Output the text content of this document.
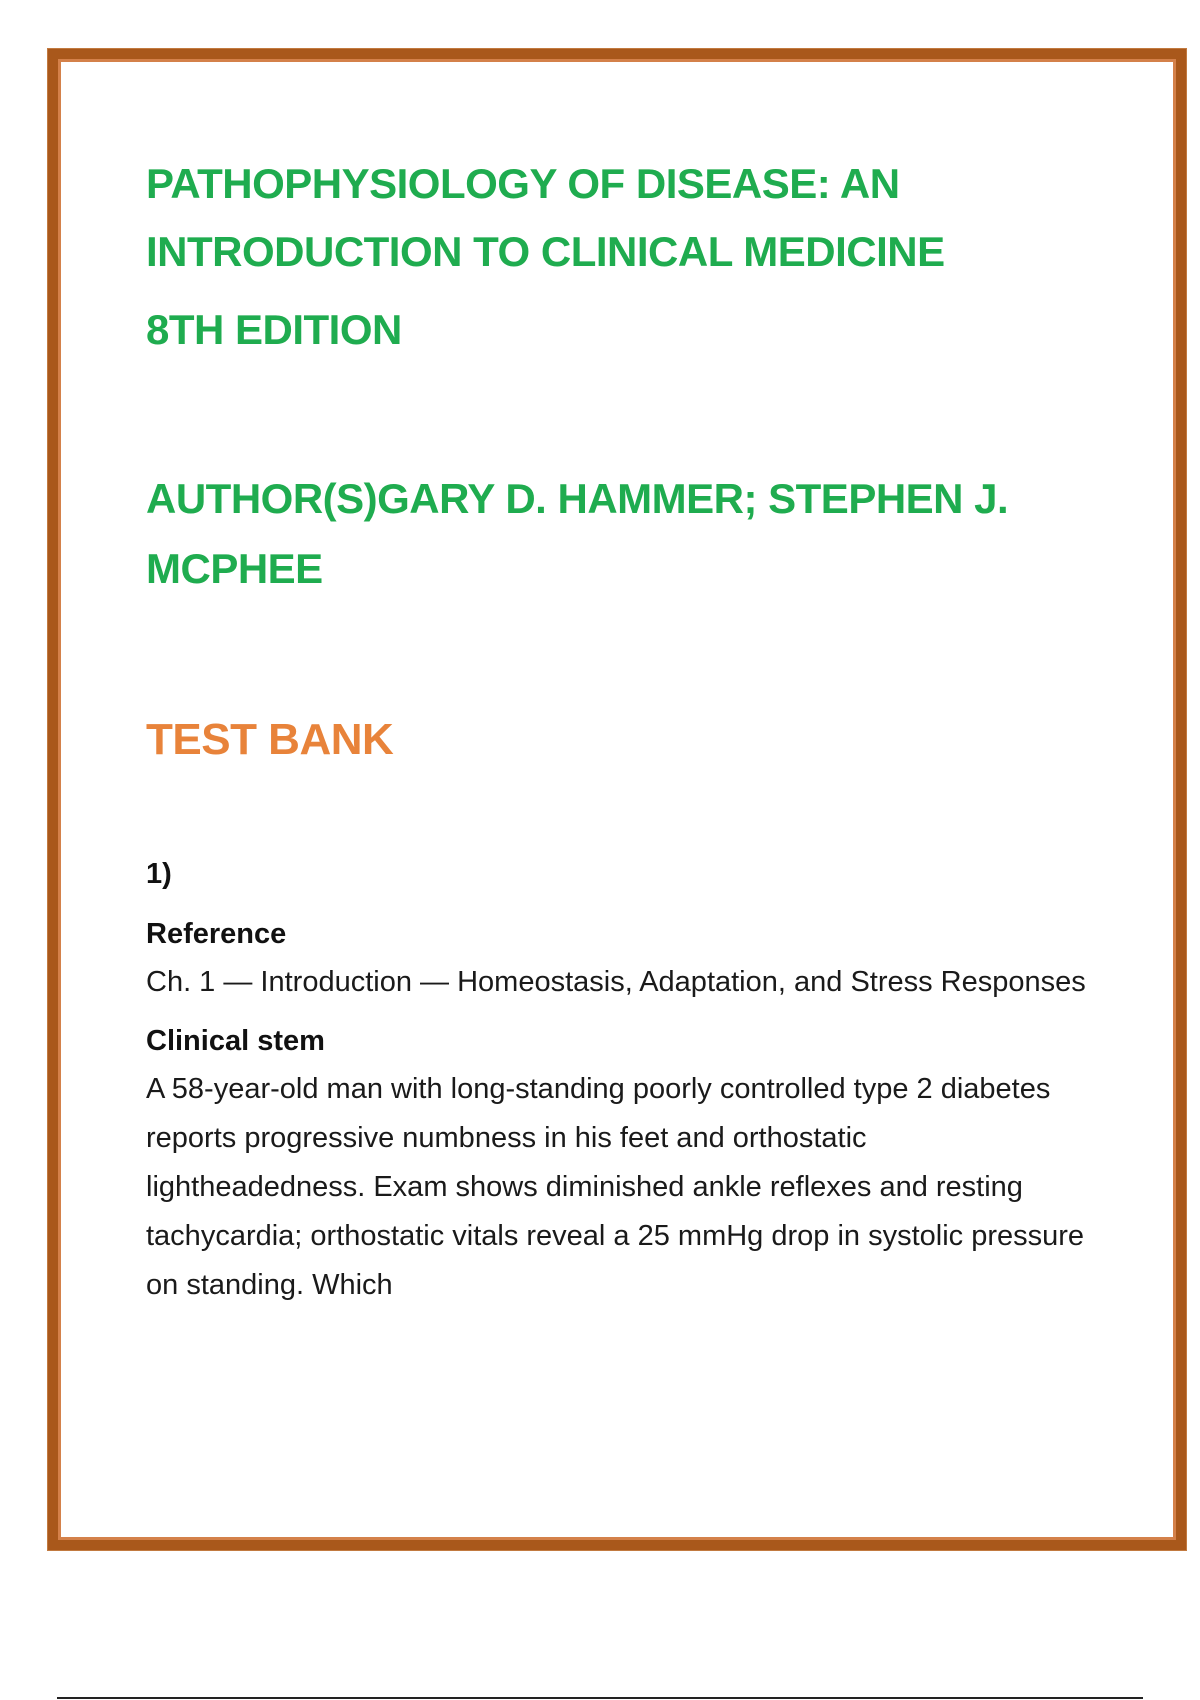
PATHOPHYSIOLOGY OF DISEASE: AN
INTRODUCTION TO CLINICAL MEDICINE

8TH EDITION

AUTHOR(S)GARY D. HAMMER; STEPHEN J.
MCPHEE

TEST BANK

1)

Reference

Ch. 1 — Introduction — Homeostasis, Adaptation, and Stress Responses

Clinical stem

A 58-year-old man with long-standing poorly controlled type 2 diabetes reports progressive numbness in his feet and orthostatic lightheadedness. Exam shows diminished ankle reflexes and resting tachycardia; orthostatic vitals reveal a 25 mmHg drop in systolic pressure on standing. Which
